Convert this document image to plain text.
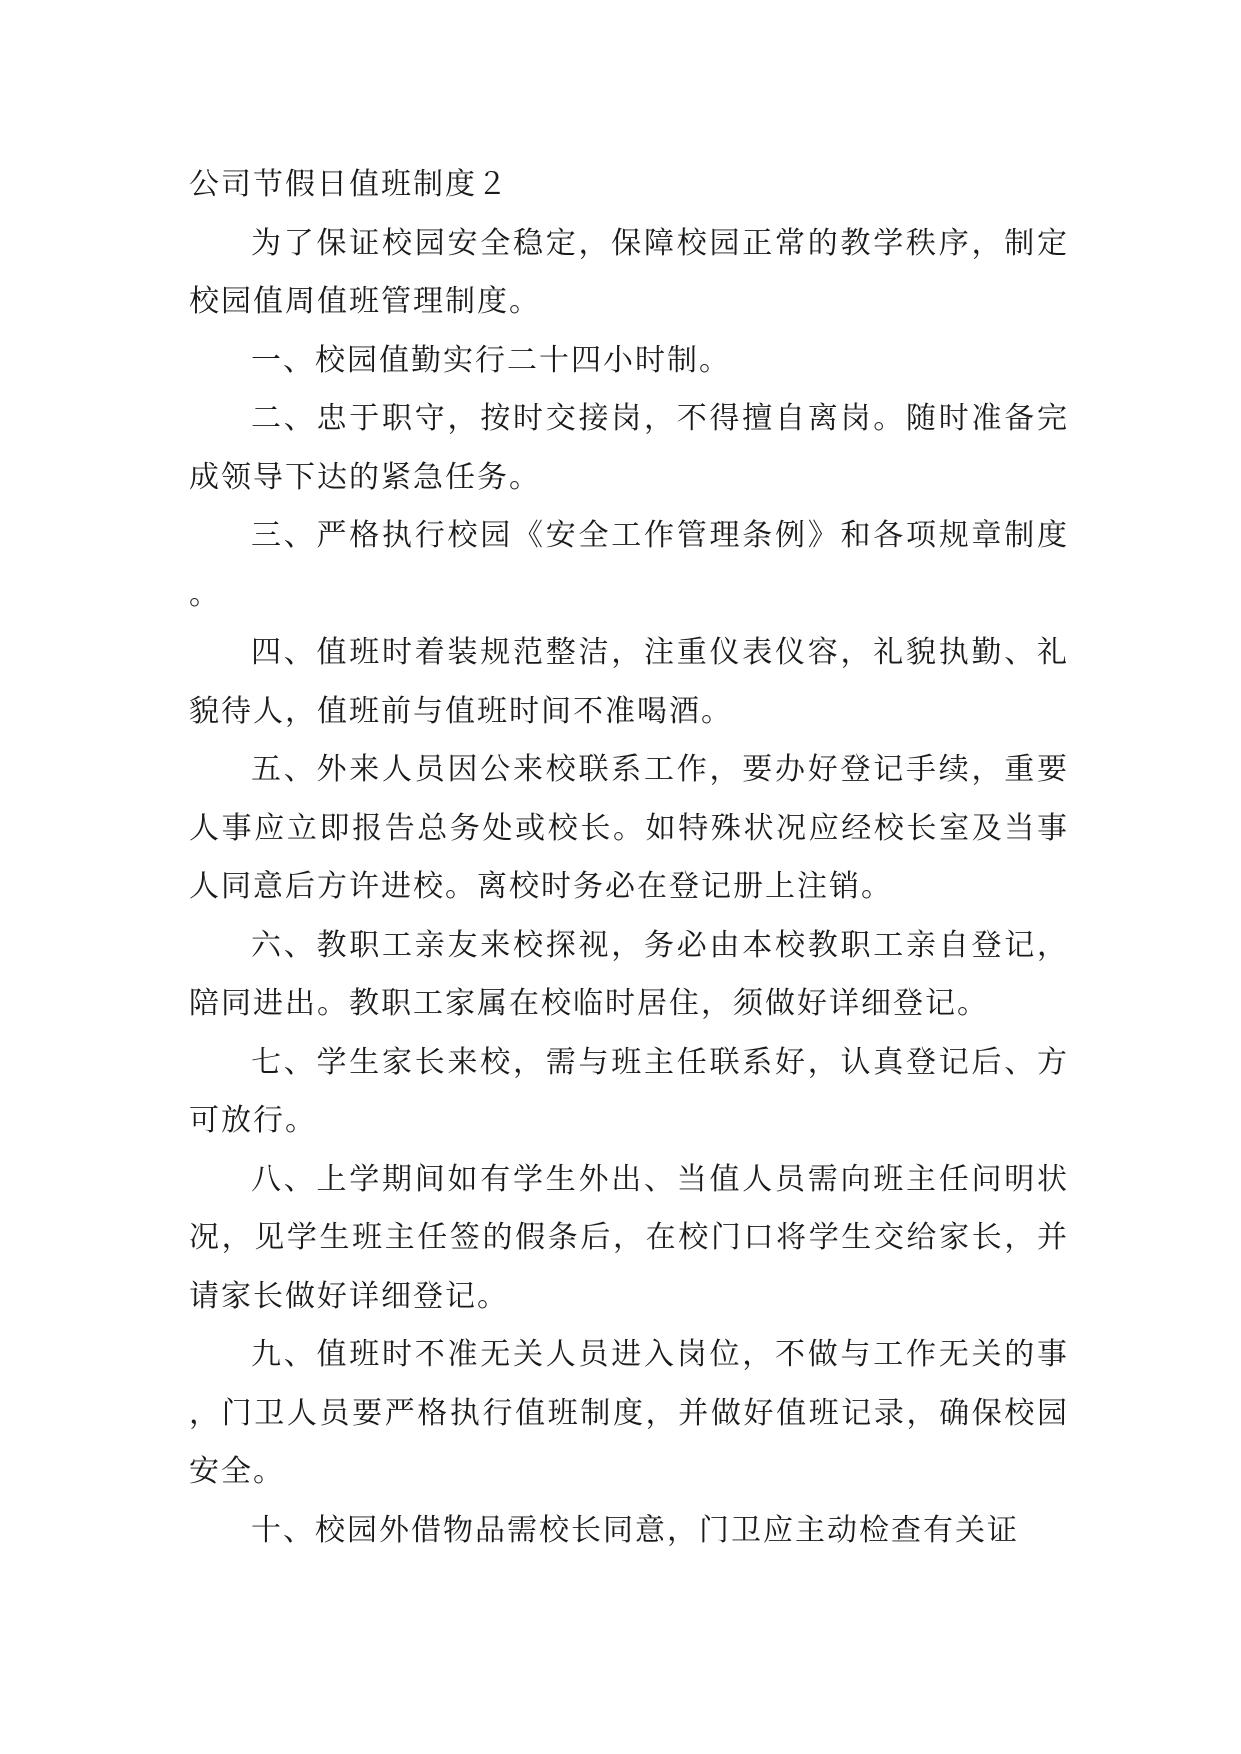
公司节假日值班制度２

为了保证校园安全稳定，保障校园正常的教学秩序，制定校园值周值班管理制度。

一、校园值勤实行二十四小时制。

二、忠于职守，按时交接岗，不得擅自离岗。随时准备完成领导下达的紧急任务。

三、严格执行校园《安全工作管理条例》和各项规章制度。

四、值班时着装规范整洁，注重仪表仪容，礼貌执勤、礼貌待人，值班前与值班时间不准喝酒。

五、外来人员因公来校联系工作，要办好登记手续，重要人事应立即报告总务处或校长。如特殊状况应经校长室及当事人同意后方许进校。离校时务必在登记册上注销。

六、教职工亲友来校探视，务必由本校教职工亲自登记，陪同进出。教职工家属在校临时居住，须做好详细登记。

七、学生家长来校，需与班主任联系好，认真登记后、方可放行。

八、上学期间如有学生外出、当值人员需向班主任问明状况，见学生班主任签的假条后，在校门口将学生交给家长，并请家长做好详细登记。

九、值班时不准无关人员进入岗位，不做与工作无关的事，门卫人员要严格执行值班制度，并做好值班记录，确保校园安全。

十、校园外借物品需校长同意，门卫应主动检查有关证
